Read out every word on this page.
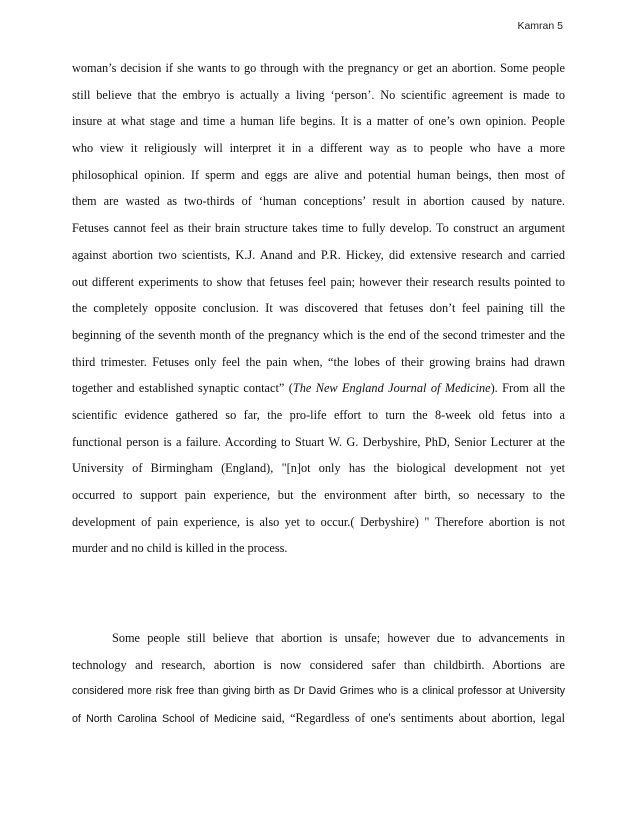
Kamran 5
woman’s decision if she wants to go through with the pregnancy or get an abortion. Some people
still believe that the embryo is actually a living ‘person’. No scientific agreement is made to
insure at what stage and time a human life begins. It is a matter of one’s own opinion. People
who view it religiously will interpret it in a different way as to people who have a more
philosophical opinion. If sperm and eggs are alive and potential human beings, then most of
them are wasted as two-thirds of ‘human conceptions’ result in abortion caused by nature.
Fetuses cannot feel as their brain structure takes time to fully develop. To construct an argument
against abortion two scientists, K.J. Anand and P.R. Hickey, did extensive research and carried
out different experiments to show that fetuses feel pain; however their research results pointed to
the completely opposite conclusion. It was discovered that fetuses don’t feel paining till the
beginning of the seventh month of the pregnancy which is the end of the second trimester and the
third trimester. Fetuses only feel the pain when, “the lobes of their growing brains had drawn
together and established synaptic contact” (The New England Journal of Medicine). From all the
scientific evidence gathered so far, the pro-life effort to turn the 8-week old fetus into a
functional person is a failure. According to Stuart W. G. Derbyshire, PhD, Senior Lecturer at the
University of Birmingham (England), "[n]ot only has the biological development not yet
occurred to support pain experience, but the environment after birth, so necessary to the
development of pain experience, is also yet to occur.( Derbyshire) " Therefore abortion is not
murder and no child is killed in the process.
Some people still believe that abortion is unsafe; however due to advancements in
technology and research, abortion is now considered safer than childbirth. Abortions are
considered more risk free than giving birth as Dr David Grimes who is a clinical professor at University
of North Carolina School of Medicine said, “Regardless of one's sentiments about abortion, legal
